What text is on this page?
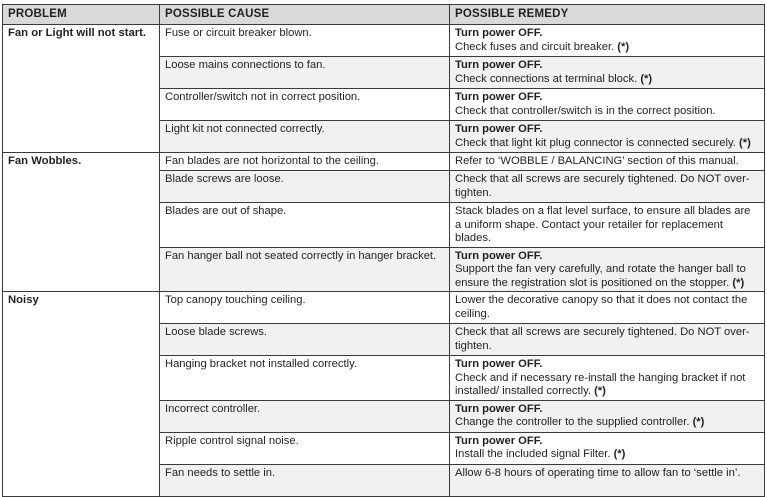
PROBLEM	POSSIBLE CAUSE	POSSIBLE REMEDY
Fan or Light will not start.	Fuse or circuit breaker blown.	Turn power OFF.
Check fuses and circuit breaker. (*)
	Loose mains connections to fan.	Turn power OFF.
Check connections at terminal block. (*)
	Controller/switch not in correct position.	Turn power OFF.
Check that controller/switch is in the correct position.
	Light kit not connected correctly.	Turn power OFF.
Check that light kit plug connector is connected securely. (*)
Fan Wobbles.	Fan blades are not horizontal to the ceiling.	Refer to ‘WOBBLE / BALANCING’ section of this manual.
	Blade screws are loose.	Check that all screws are securely tightened. Do NOT over-tighten.
	Blades are out of shape.	Stack blades on a flat level surface, to ensure all blades are a uniform shape. Contact your retailer for replacement blades.
	Fan hanger ball not seated correctly in hanger bracket.	Turn power OFF.
Support the fan very carefully, and rotate the hanger ball to ensure the registration slot is positioned on the stopper. (*)
Noisy	Top canopy touching ceiling.	Lower the decorative canopy so that it does not contact the ceiling.
	Loose blade screws.	Check that all screws are securely tightened. Do NOT over-tighten.
	Hanging bracket not installed correctly.	Turn power OFF.
Check and if necessary re-install the hanging bracket if not installed/ installed correctly. (*)
	Incorrect controller.	Turn power OFF.
Change the controller to the supplied controller. (*)
	Ripple control signal noise.	Turn power OFF.
Install the included signal Filter. (*)
	Fan needs to settle in.	Allow 6-8 hours of operating time to allow fan to ‘settle in’.
